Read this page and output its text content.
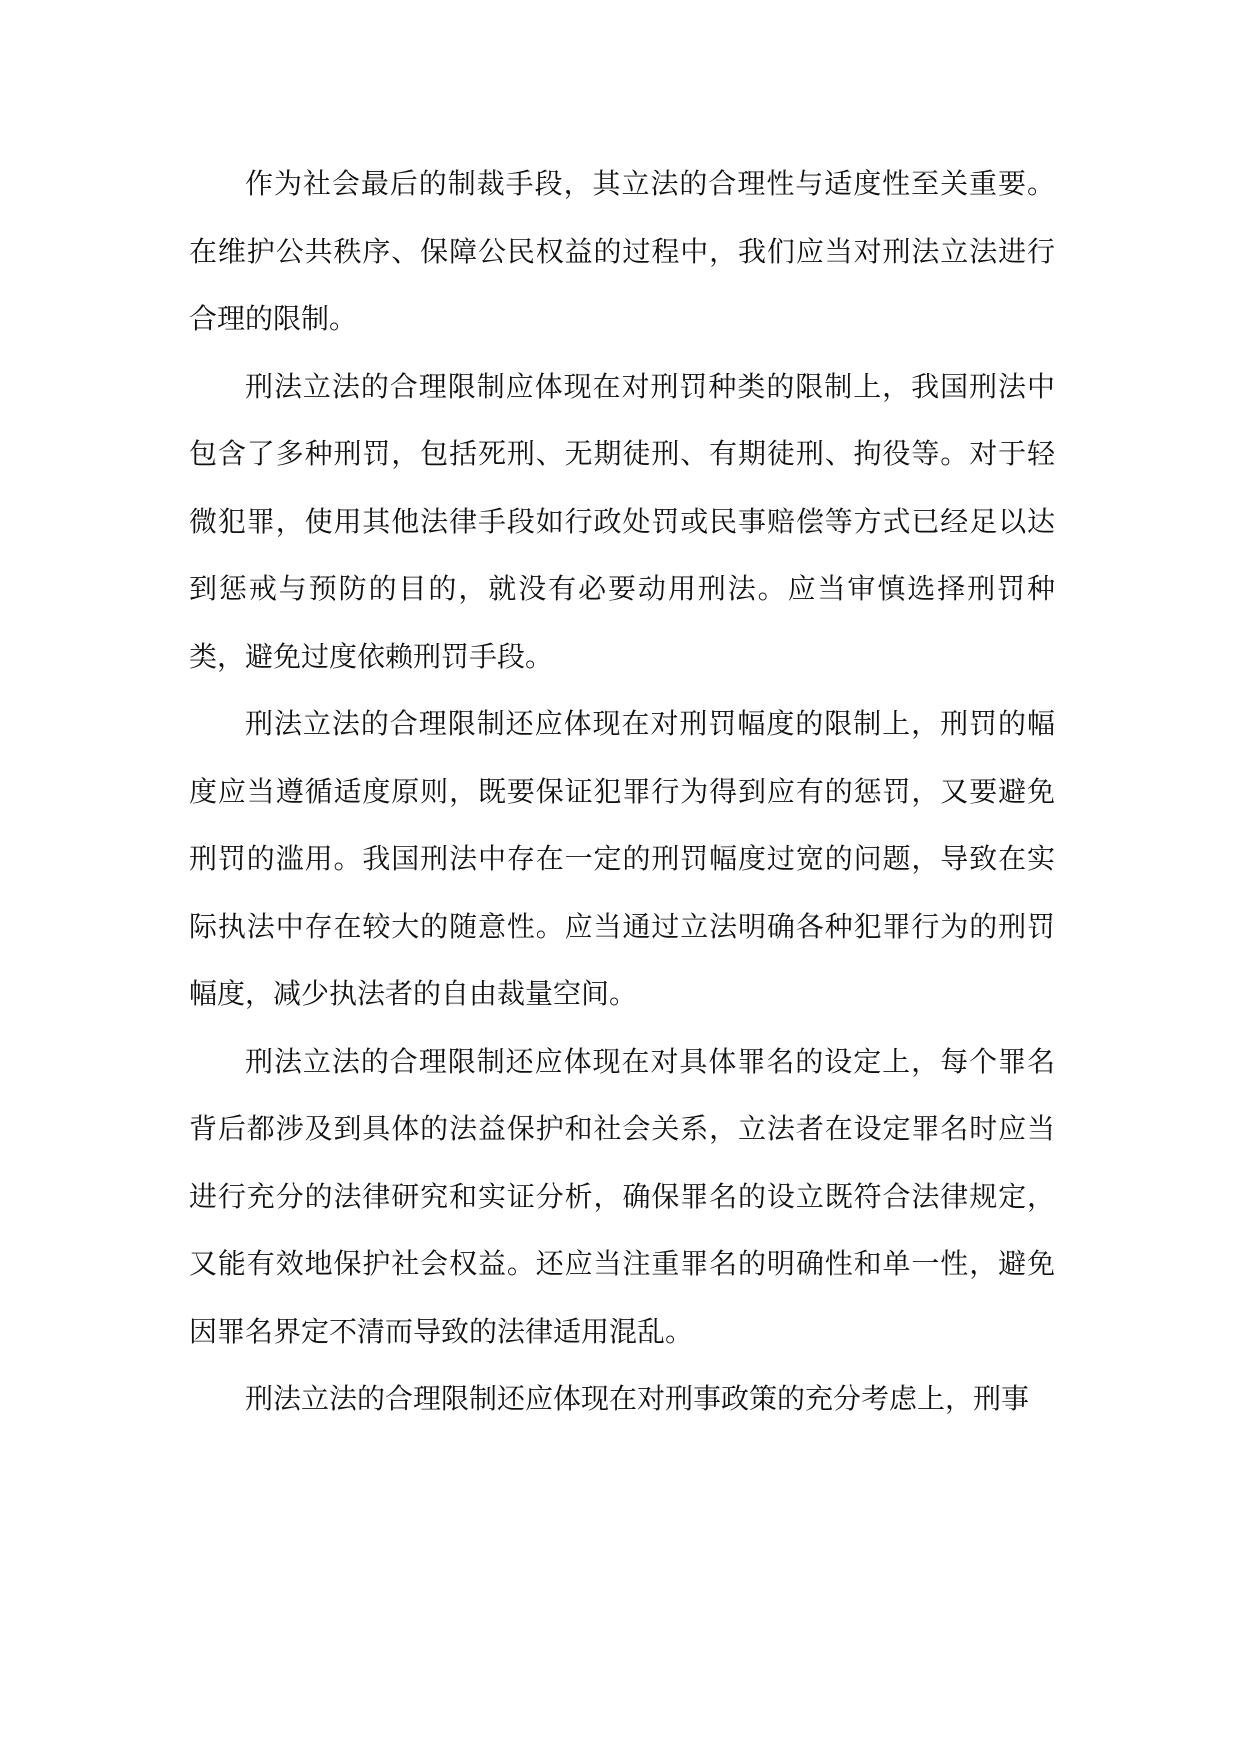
作为社会最后的制裁手段，其立法的合理性与适度性至关重要。在维护公共秩序、保障公民权益的过程中，我们应当对刑法立法进行合理的限制。

刑法立法的合理限制应体现在对刑罚种类的限制上，我国刑法中包含了多种刑罚，包括死刑、无期徒刑、有期徒刑、拘役等。对于轻微犯罪，使用其他法律手段如行政处罚或民事赔偿等方式已经足以达到惩戒与预防的目的，就没有必要动用刑法。应当审慎选择刑罚种类，避免过度依赖刑罚手段。

刑法立法的合理限制还应体现在对刑罚幅度的限制上，刑罚的幅度应当遵循适度原则，既要保证犯罪行为得到应有的惩罚，又要避免刑罚的滥用。我国刑法中存在一定的刑罚幅度过宽的问题，导致在实际执法中存在较大的随意性。应当通过立法明确各种犯罪行为的刑罚幅度，减少执法者的自由裁量空间。

刑法立法的合理限制还应体现在对具体罪名的设定上，每个罪名背后都涉及到具体的法益保护和社会关系，立法者在设定罪名时应当进行充分的法律研究和实证分析，确保罪名的设立既符合法律规定，又能有效地保护社会权益。还应当注重罪名的明确性和单一性，避免因罪名界定不清而导致的法律适用混乱。

刑法立法的合理限制还应体现在对刑事政策的充分考虑上，刑事
